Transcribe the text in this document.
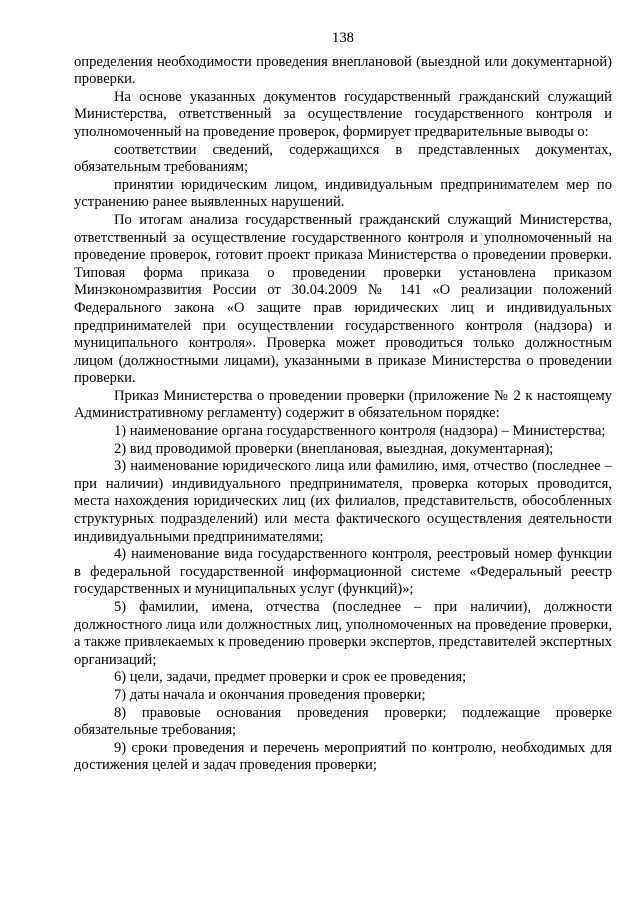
138

определения необходимости проведения внеплановой (выездной или документарной) проверки.

На основе указанных документов государственный гражданский служащий Министерства, ответственный за осуществление государственного контроля и уполномоченный на проведение проверок, формирует предварительные выводы о:

соответствии сведений, содержащихся в представленных документах, обязательным требованиям;

принятии юридическим лицом, индивидуальным предпринимателем мер по устранению ранее выявленных нарушений.

По итогам анализа государственный гражданский служащий Министерства, ответственный за осуществление государственного контроля и уполномоченный на проведение проверок, готовит проект приказа Министерства о проведении проверки. Типовая форма приказа о проведении проверки установлена приказом Минэкономразвития России от 30.04.2009 № 141 «О реализации положений Федерального закона «О защите прав юридических лиц и индивидуальных предпринимателей при осуществлении государственного контроля (надзора) и муниципального контроля». Проверка может проводиться только должностным лицом (должностными лицами), указанными в приказе Министерства о проведении проверки.

Приказ Министерства о проведении проверки (приложение № 2 к настоящему Административному регламенту) содержит в обязательном порядке:

1) наименование органа государственного контроля (надзора) – Министерства;

2) вид проводимой проверки (внеплановая, выездная, документарная);

3) наименование юридического лица или фамилию, имя, отчество (последнее – при наличии) индивидуального предпринимателя, проверка которых проводится, места нахождения юридических лиц (их филиалов, представительств, обособленных структурных подразделений) или места фактического осуществления деятельности индивидуальными предпринимателями;

4) наименование вида государственного контроля, реестровый номер функции в федеральной государственной информационной системе «Федеральный реестр государственных и муниципальных услуг (функций)»;

5) фамилии, имена, отчества (последнее – при наличии), должности должностного лица или должностных лиц, уполномоченных на проведение проверки, а также привлекаемых к проведению проверки экспертов, представителей экспертных организаций;

6) цели, задачи, предмет проверки и срок ее проведения;

7) даты начала и окончания проведения проверки;

8) правовые основания проведения проверки; подлежащие проверке обязательные требования;

9) сроки проведения и перечень мероприятий по контролю, необходимых для достижения целей и задач проведения проверки;
